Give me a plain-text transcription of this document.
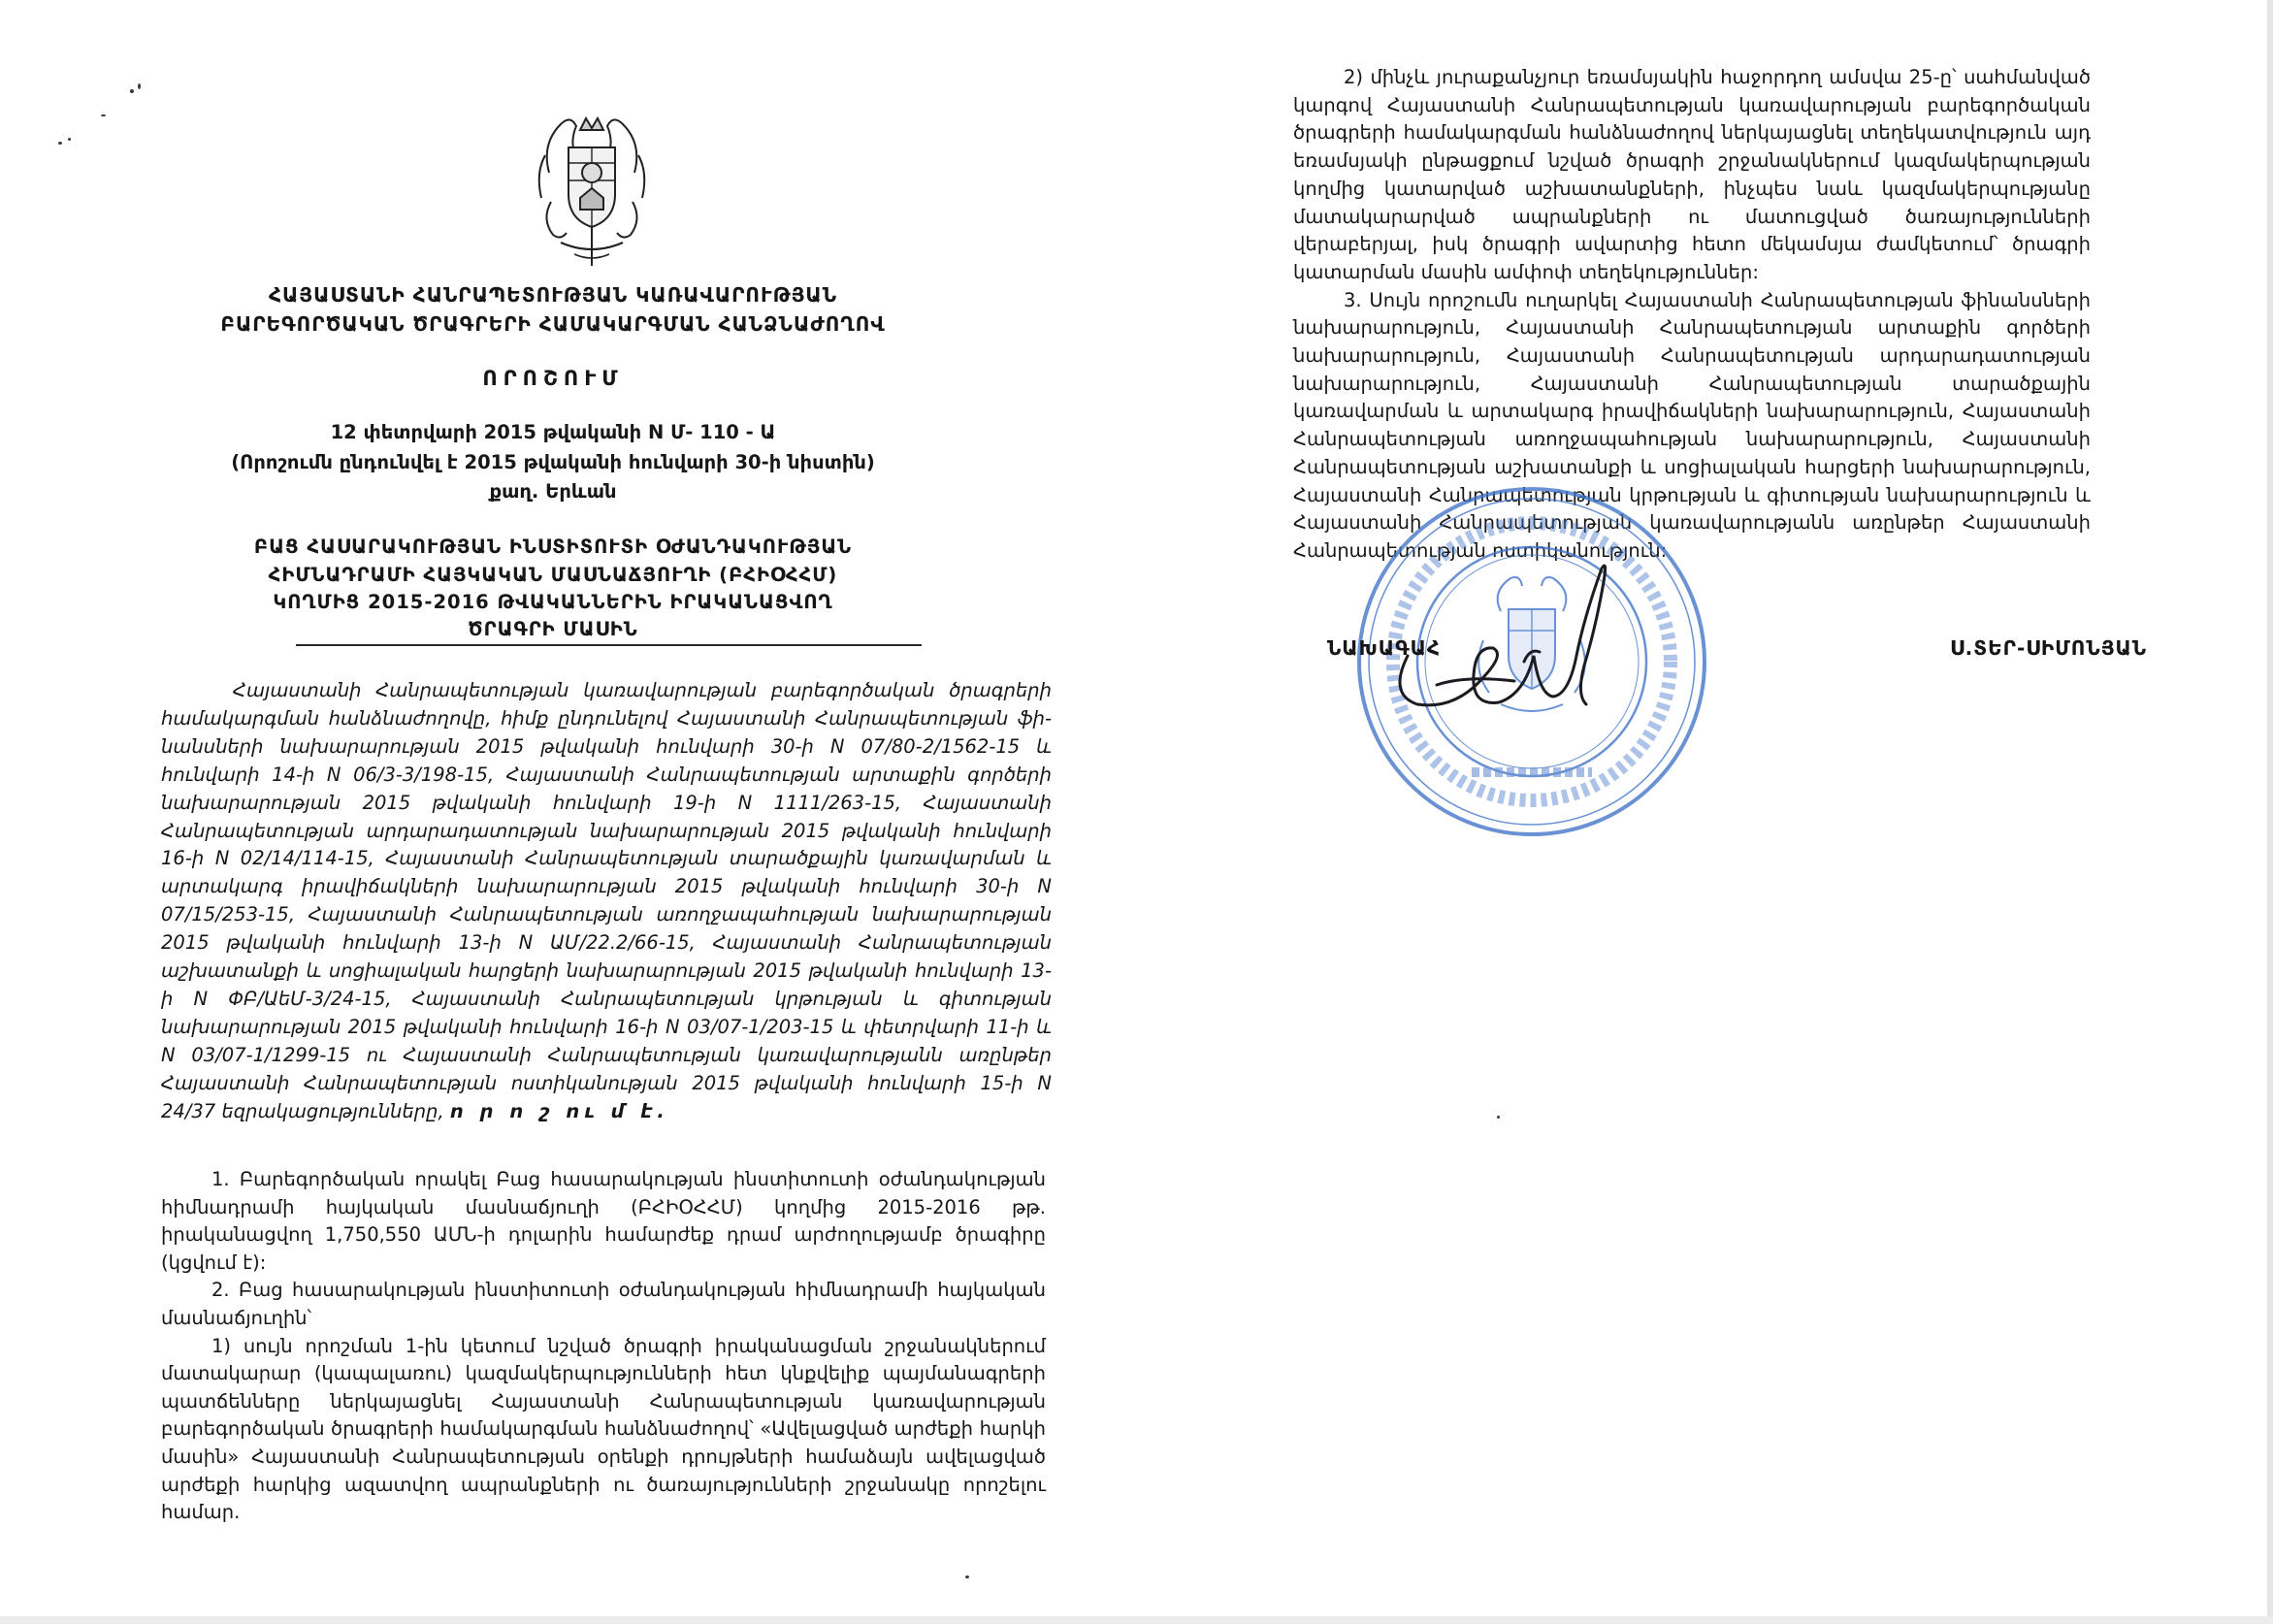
ՀԱՅԱՍՏԱՆԻ ՀԱՆՐԱՊԵՏՈՒԹՅԱՆ ԿԱՌԱՎԱՐՈՒԹՅԱՆ
ԲԱՐԵԳՈՐԾԱԿԱՆ ԾՐԱԳՐԵՐԻ ՀԱՄԱԿԱՐԳՄԱՆ ՀԱՆՁՆԱԺՈՂՈՎ
ՈՐՈՇՈՒՄ
12 փետրվարի 2015 թվականի N Մ- 110 - Ա
(Որոշումն ընդունվել է 2015 թվականի հունվարի 30-ի նիստին)
քաղ. Երևան
ԲԱՑ ՀԱՍԱՐԱԿՈՒԹՅԱՆ ԻՆՍՏԻՏՈՒՏԻ ՕԺԱՆԴԱԿՈՒԹՅԱՆ
ՀԻՄՆԱԴՐԱՄԻ ՀԱՅԿԱԿԱՆ ՄԱՍՆԱՃՅՈՒՂԻ (ԲՀԻՕՀՀՄ)
ԿՈՂՄԻՑ 2015-2016 ԹՎԱԿԱՆՆԵՐԻՆ ԻՐԱԿԱՆԱՑՎՈՂ
ԾՐԱԳՐԻ ՄԱՍԻՆ
Հայաստանի Հանրապետության կառավարության բարեգործական ծրագրերի համակարգման հանձնաժողովը, հիմք ընդունելով Հայաստանի Հանրապետության ֆի-նանսների նախարարության 2015 թվականի հունվարի 30-ի N 07/80-2/1562-15 և հունվարի 14-ի N 06/3-3/198-15, Հայաստանի Հանրապետության արտաքին գործերի նախարարության 2015 թվականի հունվարի 19-ի N 1111/263-15, Հայաստանի Հանրապետության արդարադատության նախարարության 2015 թվականի հունվարի 16-ի N 02/14/114-15, Հայաստանի Հանրապետության տարածքային կառավարման և արտակարգ իրավիճակների նախարարության 2015 թվականի հունվարի 30-ի N 07/15/253-15, Հայաստանի Հանրապետության առողջապահության նախարարության 2015 թվականի հունվարի 13-ի N ԱՄ/22.2/66-15, Հայաստանի Հանրապետության աշխատանքի և սոցիալական հարցերի նախարարության 2015 թվականի հունվարի 13-ի N ՓԲ/ԱեՄ-3/24-15, Հայաստանի Հանրապետության կրթության և գիտության նախարարության 2015 թվականի հունվարի 16-ի N 03/07-1/203-15 և փետրվարի 11-ի և N 03/07-1/1299-15 ու Հայաստանի Հանրապետության կառավարությանն առընթեր Հայաստանի Հանրապետության ոստիկանության 2015 թվականի հունվարի 15-ի N 24/37 եզրակացությունները, ո ր ո շ ու մ է.

1. Բարեգործական որակել Բաց հասարակության ինստիտուտի օժանդակության հիմնադրամի հայկական մասնաճյուղի (ԲՀԻՕՀՀՄ) կողմից 2015-2016 թթ. իրականացվող 1,750,550 ԱՄՆ-ի դոլարին համարժեք դրամ արժողությամբ ծրագիրը (կցվում է):

2. Բաց հասարակության ինստիտուտի օժանդակության հիմնադրամի հայկական մասնաճյուղին՝

1) սույն որոշման 1-ին կետում նշված ծրագրի իրականացման շրջանակներում մատակարար (կապալառու) կազմակերպությունների հետ կնքվելիք պայմանագրերի պատճենները ներկայացնել Հայաստանի Հանրապետության կառավարության բարեգործական ծրագրերի համակարգման հանձնաժողով՝ «Ավելացված արժեքի հարկի մասին» Հայաստանի Հանրապետության օրենքի դրույթների համաձայն ավելացված արժեքի հարկից ազատվող ապրանքների ու ծառայությունների շրջանակը որոշելու համար.

2) մինչև յուրաքանչյուր եռամսյակին հաջորդող ամսվա 25-ը՝ սահմանված կարգով Հայաստանի Հանրապետության կառավարության բարեգործական ծրագրերի համակարգման հանձնաժողով ներկայացնել տեղեկատվություն այդ եռամսյակի ընթացքում նշված ծրագրի շրջանակներում կազմակերպության կողմից կատարված աշխատանքների, ինչպես նաև կազմակերպությանը մատակարարված ապրանքների ու մատուցված ծառայությունների վերաբերյալ, իսկ ծրագրի ավարտից հետո մեկամսյա ժամկետում՝ ծրագրի կատարման մասին ամփոփ տեղեկություններ:

3. Սույն որոշումն ուղարկել Հայաստանի Հանրապետության ֆինանսների նախարարություն, Հայաստանի Հանրապետության արտաքին գործերի նախարարություն, Հայաստանի Հանրապետության արդարադատության նախարարություն, Հայաստանի Հանրապետության տարածքային կառավարման և արտակարգ իրավիճակների նախարարություն, Հայաստանի Հանրապետության առողջապահության նախարարություն, Հայաստանի Հանրապետության աշխատանքի և սոցիալական հարցերի նախարարություն, Հայաստանի Հանրապետության կրթության և գիտության նախարարություն և Հայաստանի Հանրապետության կառավարությանն առընթեր Հայաստանի Հանրապետության ոստիկանություն:

ՆԱԽԱԳԱՀ	Ս.ՏԵՐ-ՍԻՄՈՆՅԱՆ
